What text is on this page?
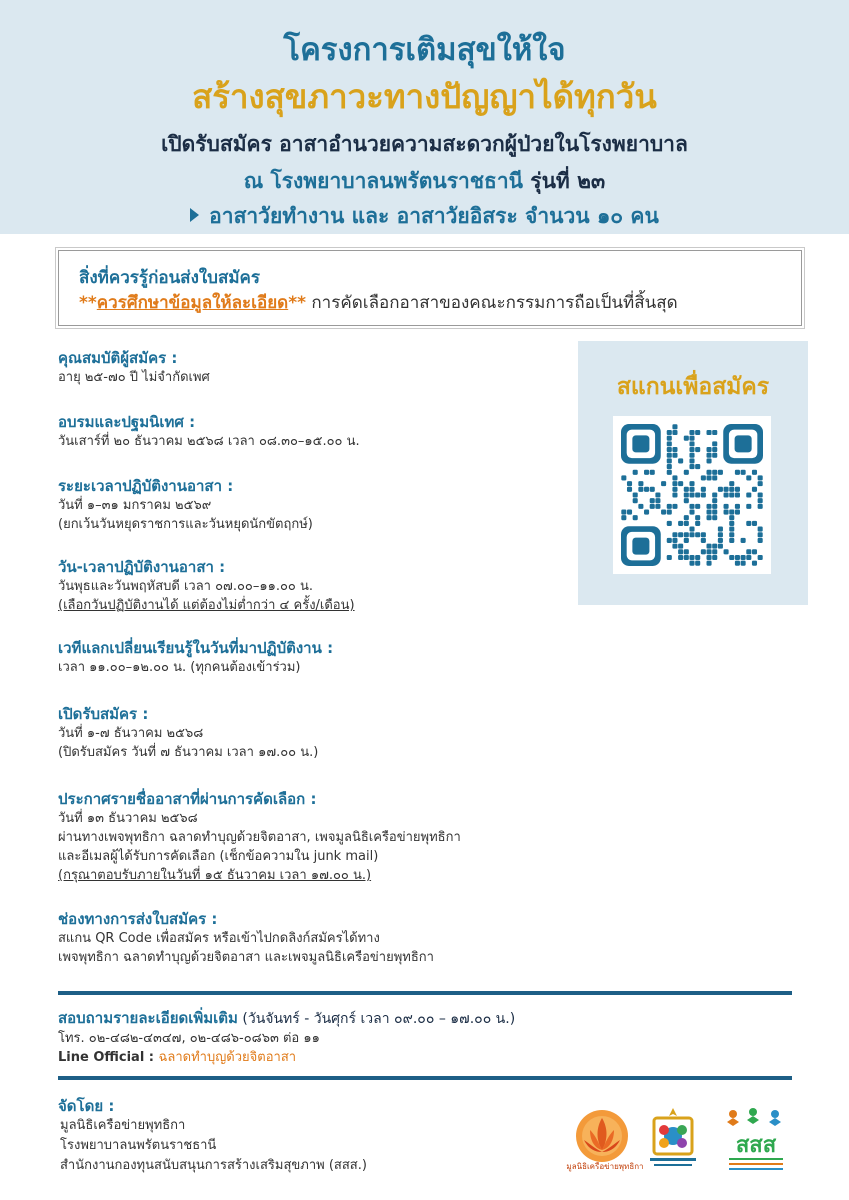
โครงการเติมสุขให้ใจ
สร้างสุขภาวะทางปัญญาได้ทุกวัน
เปิดรับสมัคร อาสาอำนวยความสะดวกผู้ป่วยในโรงพยาบาล
ณ โรงพยาบาลนพรัตนราชธานี รุ่นที่ ๒๓
อาสาวัยทำงาน และ อาสาวัยอิสระ จำนวน ๑๐ คน
สิ่งที่ควรรู้ก่อนส่งใบสมัคร
**ควรศึกษาข้อมูลให้ละเอียด** การคัดเลือกอาสาของคณะกรรมการถือเป็นที่สิ้นสุด
คุณสมบัติผู้สมัคร :
อายุ ๒๕-๗๐ ปี ไม่จำกัดเพศ
อบรมและปฐมนิเทศ :
วันเสาร์ที่ ๒๐ ธันวาคม ๒๕๖๘ เวลา ๐๘.๓๐–๑๕.๐๐ น.
ระยะเวลาปฏิบัติงานอาสา :
วันที่ ๑–๓๑ มกราคม ๒๕๖๙
(ยกเว้นวันหยุดราชการและวันหยุดนักขัตฤกษ์)
วัน-เวลาปฏิบัติงานอาสา :
วันพุธและวันพฤหัสบดี เวลา ๐๗.๐๐–๑๑.๐๐ น.
(เลือกวันปฏิบัติงานได้ แต่ต้องไม่ต่ำกว่า ๔ ครั้ง/เดือน)
เวทีแลกเปลี่ยนเรียนรู้ในวันที่มาปฏิบัติงาน :
เวลา ๑๑.๐๐–๑๒.๐๐ น. (ทุกคนต้องเข้าร่วม)
เปิดรับสมัคร :
วันที่ ๑-๗ ธันวาคม ๒๕๖๘
(ปิดรับสมัคร วันที่ ๗ ธันวาคม เวลา ๑๗.๐๐ น.)
ประกาศรายชื่ออาสาที่ผ่านการคัดเลือก :
วันที่ ๑๓ ธันวาคม ๒๕๖๘
ผ่านทางเพจพุทธิกา ฉลาดทำบุญด้วยจิตอาสา, เพจมูลนิธิเครือข่ายพุทธิกา
และอีเมลผู้ได้รับการคัดเลือก (เช็กข้อความใน junk mail)
(กรุณาตอบรับภายในวันที่ ๑๕ ธันวาคม เวลา ๑๗.๐๐ น.)
ช่องทางการส่งใบสมัคร :
สแกน QR Code เพื่อสมัคร หรือเข้าไปกดลิงก์สมัครได้ทาง
เพจพุทธิกา ฉลาดทำบุญด้วยจิตอาสา และเพจมูลนิธิเครือข่ายพุทธิกา
สแกนเพื่อสมัคร
สอบถามรายละเอียดเพิ่มเติม (วันจันทร์ - วันศุกร์ เวลา ๐๙.๐๐ – ๑๗.๐๐ น.)
โทร. ๐๒-๔๘๒-๔๓๔๗, ๐๒-๔๘๖-๐๘๖๓ ต่อ ๑๑
Line Official : ฉลาดทำบุญด้วยจิตอาสา
จัดโดย :
มูลนิธิเครือข่ายพุทธิกา
โรงพยาบาลนพรัตนราชธานี
สำนักงานกองทุนสนับสนุนการสร้างเสริมสุขภาพ (สสส.)	มูลนิธิเครือข่ายพุทธิกา
สสส
